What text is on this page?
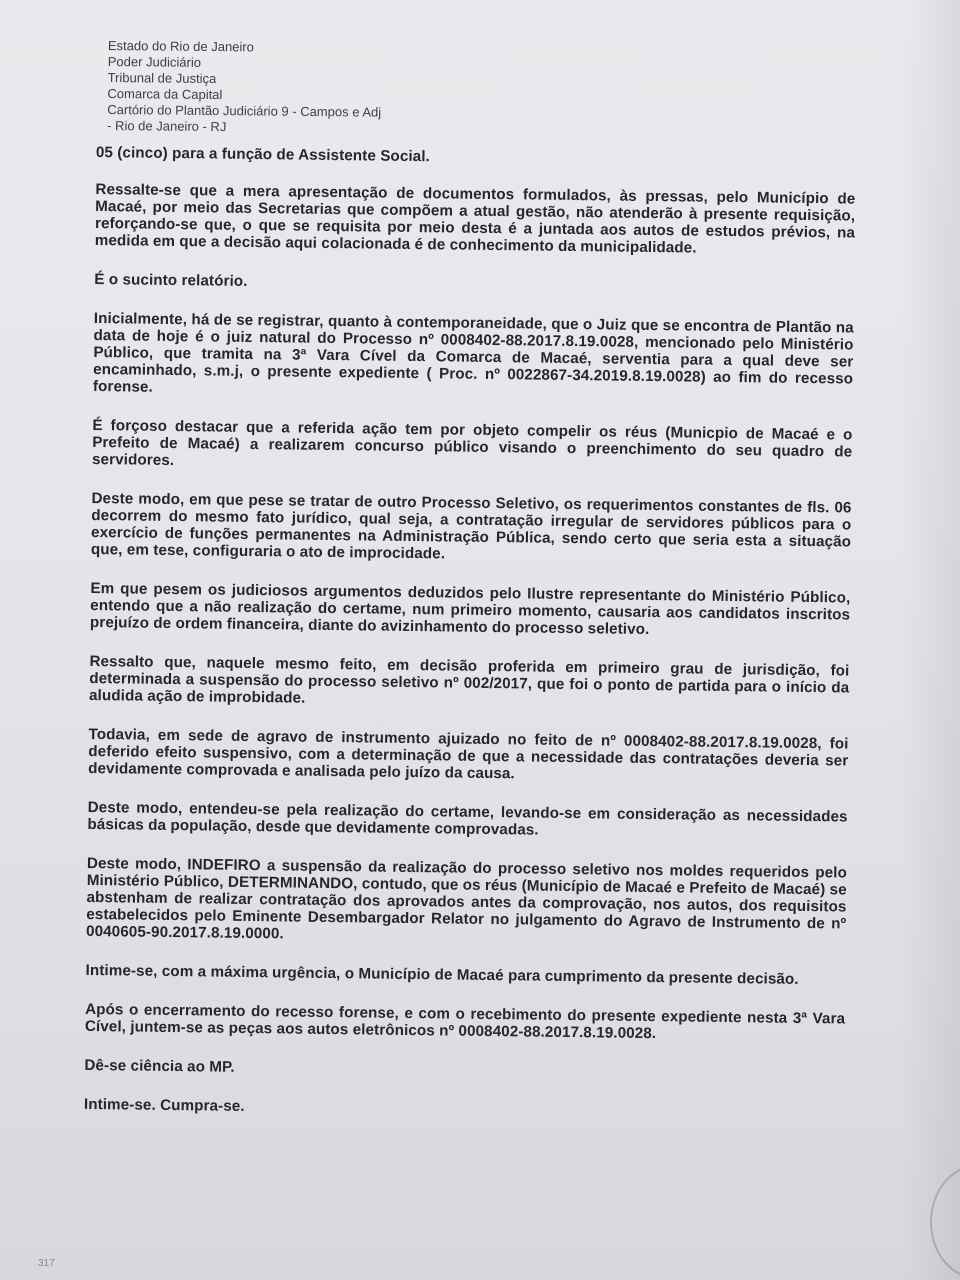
Estado do Rio de Janeiro
Poder Judiciário
Tribunal de Justiça
Comarca da Capital
Cartório do Plantão Judiciário 9 - Campos e Adj
- Rio de Janeiro - RJ

05 (cinco) para a função de Assistente Social.

Ressalte-se que a mera apresentação de documentos formulados, às pressas, pelo Município de Macaé, por meio das Secretarias que compõem a atual gestão, não atenderão à presente requisição, reforçando-se que, o que se requisita por meio desta é a juntada aos autos de estudos prévios, na medida em que a decisão aqui colacionada é de conhecimento da municipalidade.

É o sucinto relatório.

Inicialmente, há de se registrar, quanto à contemporaneidade, que o Juiz que se encontra de Plantão na data de hoje é o juiz natural do Processo nº 0008402-88.2017.8.19.0028, mencionado pelo Ministério Público, que tramita na 3ª Vara Cível da Comarca de Macaé, serventia para a qual deve ser encaminhado, s.m.j, o presente expediente ( Proc. nº 0022867-34.2019.8.19.0028) ao fim do recesso forense.

É forçoso destacar que a referida ação tem por objeto compelir os réus (Municpio de Macaé e o Prefeito de Macaé) a realizarem concurso público visando o preenchimento do seu quadro de servidores.

Deste modo, em que pese se tratar de outro Processo Seletivo, os requerimentos constantes de fls. 06 decorrem do mesmo fato jurídico, qual seja, a contratação irregular de servidores públicos para o exercício de funções permanentes na Administração Pública, sendo certo que seria esta a situação que, em tese, configuraria o ato de improcidade.

Em que pesem os judiciosos argumentos deduzidos pelo Ilustre representante do Ministério Público, entendo que a não realização do certame, num primeiro momento, causaria aos candidatos inscritos prejuízo de ordem financeira, diante do avizinhamento do processo seletivo.

Ressalto que, naquele mesmo feito, em decisão proferida em primeiro grau de jurisdição, foi determinada a suspensão do processo seletivo nº 002/2017, que foi o ponto de partida para o início da aludida ação de improbidade.

Todavia, em sede de agravo de instrumento ajuizado no feito de nº 0008402-88.2017.8.19.0028, foi deferido efeito suspensivo, com a determinação de que a necessidade das contratações deveria ser devidamente comprovada e analisada pelo juízo da causa.

Deste modo, entendeu-se pela realização do certame, levando-se em consideração as necessidades básicas da população, desde que devidamente comprovadas.

Deste modo, INDEFIRO a suspensão da realização do processo seletivo nos moldes requeridos pelo Ministério Público, DETERMINANDO, contudo, que os réus (Município de Macaé e Prefeito de Macaé) se abstenham de realizar contratação dos aprovados antes da comprovação, nos autos, dos requisitos estabelecidos pelo Eminente Desembargador Relator no julgamento do Agravo de Instrumento de nº 0040605-90.2017.8.19.0000.

Intime-se, com a máxima urgência, o Município de Macaé para cumprimento da presente decisão.

Após o encerramento do recesso forense, e com o recebimento do presente expediente nesta 3ª Vara Cível, juntem-se as peças aos autos eletrônicos nº 0008402-88.2017.8.19.0028.

Dê-se ciência ao MP.

Intime-se. Cumpra-se.

317
